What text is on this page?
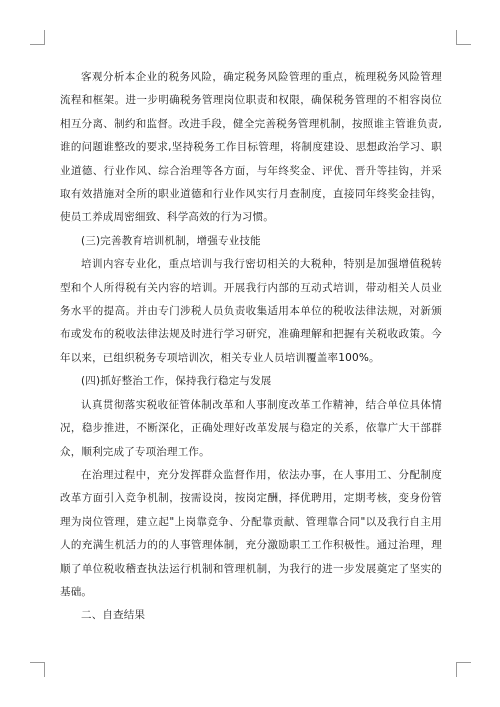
客观分析本企业的税务风险，确定税务风险管理的重点，梳理税务风险管理流程和框架。进一步明确税务管理岗位职责和权限，确保税务管理的不相容岗位相互分离、制约和监督。改进手段，健全完善税务管理机制，按照谁主管谁负责,谁的问题谁整改的要求,坚持税务工作目标管理，将制度建设、思想政治学习、职业道德、行业作风、综合治理等各方面，与年终奖金、评优、晋升等挂钩，并采取有效措施对全所的职业道德和行业作风实行月查制度，直接同年终奖金挂钩，使员工养成周密细致、科学高效的行为习惯。

(三)完善教育培训机制，增强专业技能

培训内容专业化，重点培训与我行密切相关的大税种，特别是加强增值税转型和个人所得税有关内容的培训。开展我行内部的互动式培训，带动相关人员业务水平的提高。并由专门涉税人员负责收集适用本单位的税收法律法规，对新颁布或发布的税收法律法规及时进行学习研究，准确理解和把握有关税收政策。今年以来，已组织税务专项培训次，相关专业人员培训覆盖率100%。

(四)抓好整治工作，保持我行稳定与发展

认真贯彻落实税收征管体制改革和人事制度改革工作精神，结合单位具体情况，稳步推进，不断深化，正确处理好改革发展与稳定的关系，依靠广大干部群众，顺利完成了专项治理工作。

在治理过程中，充分发挥群众监督作用，依法办事，在人事用工、分配制度改革方面引入竞争机制，按需设岗，按岗定酬，择优聘用，定期考核，变身份管理为岗位管理，建立起"上岗靠竞争、分配靠贡献、管理靠合同"以及我行自主用人的充满生机活力的的人事管理体制，充分激励职工工作积极性。通过治理，理顺了单位税收稽查执法运行机制和管理机制，为我行的进一步发展奠定了坚实的基础。

二、自查结果
